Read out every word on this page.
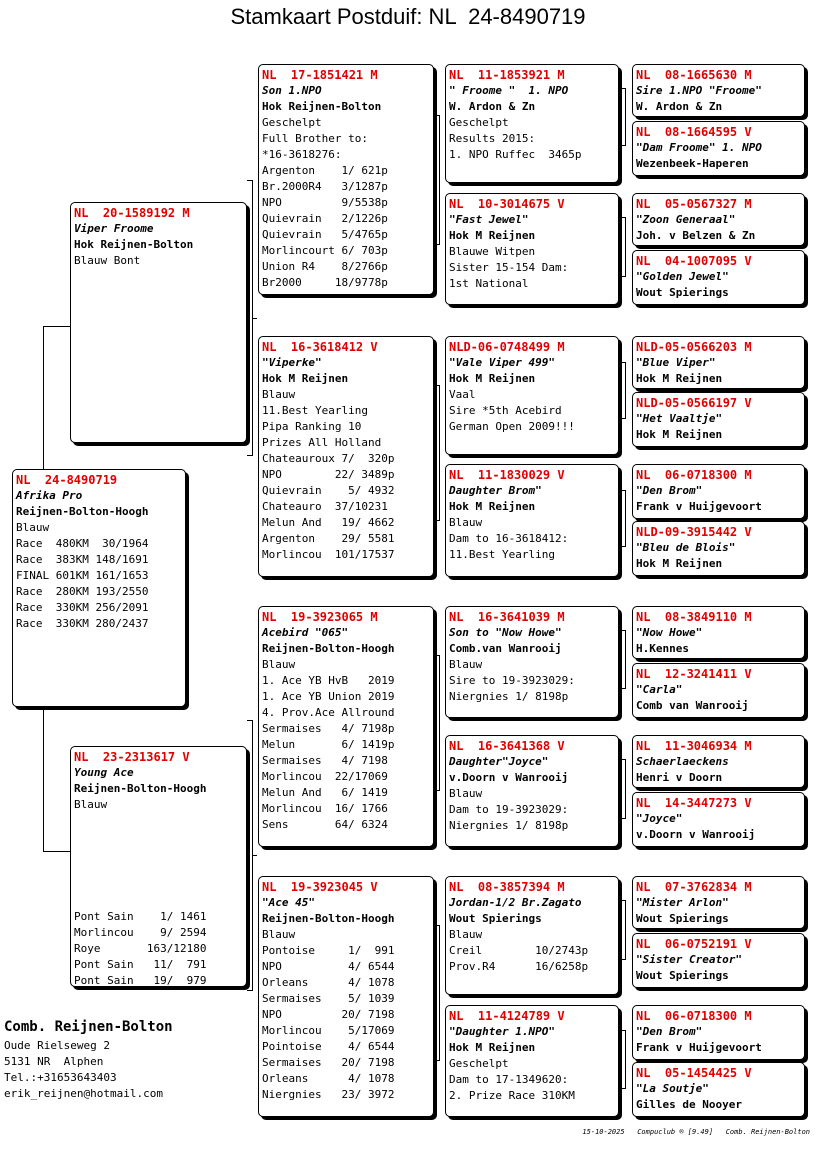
Stamkaart Postduif: NL  24-8490719
NL  24-8490719
Afrika Pro
Reijnen-Bolton-Hoogh
Blauw
Race  480KM  30/1964
Race  383KM 148/1691
FINAL 601KM 161/1653
Race  280KM 193/2550
Race  330KM 256/2091
Race  330KM 280/2437
NL  20-1589192 M
Viper Froome
Hok Reijnen-Bolton
Blauw Bont
NL  23-2313617 V
Young Ace
Reijnen-Bolton-Hoogh
Blauw

Pont Sain    1/ 1461
Morlincou    9/ 2594
Roye       163/12180
Pont Sain   11/  791
Pont Sain   19/  979
NL  17-1851421 M
Son 1.NPO
Hok Reijnen-Bolton
Geschelpt
Full Brother to:
*16-3618276:
Argenton    1/ 621p
Br.2000R4   3/1287p
NPO         9/5538p
Quievrain   2/1226p
Quievrain   5/4765p
Morlincourt 6/ 703p
Union R4    8/2766p
Br2000     18/9778p
NL  16-3618412 V
"Viperke"
Hok M Reijnen
Blauw
11.Best Yearling
Pipa Ranking 10
Prizes All Holland
Chateauroux 7/  320p
NPO        22/ 3489p
Quievrain    5/ 4932
Chateauro  37/10231
Melun And   19/ 4662
Argenton    29/ 5581
Morlincou  101/17537
NL  19-3923065 M
Acebird "065"
Reijnen-Bolton-Hoogh
Blauw
1. Ace YB HvB   2019
1. Ace YB Union 2019
4. Prov.Ace Allround
Sermaises   4/ 7198p
Melun       6/ 1419p
Sermaises   4/ 7198
Morlincou  22/17069
Melun And   6/ 1419
Morlincou  16/ 1766
Sens       64/ 6324
NL  19-3923045 V
"Ace 45"
Reijnen-Bolton-Hoogh
Blauw
Pontoise     1/  991
NPO          4/ 6544
Orleans      4/ 1078
Sermaises    5/ 1039
NPO         20/ 7198
Morlincou    5/17069
Pointoise    4/ 6544
Sermaises   20/ 7198
Orleans      4/ 1078
Niergnies   23/ 3972
NL  11-1853921 M
" Froome "  1. NPO
W. Ardon & Zn
Geschelpt
Results 2015:
1. NPO Ruffec  3465p
NL  10-3014675 V
"Fast Jewel"
Hok M Reijnen
Blauwe Witpen
Sister 15-154 Dam:
1st National
NLD-06-0748499 M
"Vale Viper 499"
Hok M Reijnen
Vaal
Sire *5th Acebird
German Open 2009!!!
NL  11-1830029 V
Daughter Brom"
Hok M Reijnen
Blauw
Dam to 16-3618412:
11.Best Yearling
NL  16-3641039 M
Son to "Now Howe"
Comb.van Wanrooij
Blauw
Sire to 19-3923029:
Niergnies 1/ 8198p
NL  16-3641368 V
Daughter"Joyce"
v.Doorn v Wanrooij
Blauw
Dam to 19-3923029:
Niergnies 1/ 8198p
NL  08-3857394 M
Jordan-1/2 Br.Zagato
Wout Spierings
Blauw
Creil        10/2743p
Prov.R4      16/6258p
NL  11-4124789 V
"Daughter 1.NPO"
Hok M Reijnen
Geschelpt
Dam to 17-1349620:
2. Prize Race 310KM
NL  08-1665630 M
Sire 1.NPO "Froome"
W. Ardon & Zn
NL  08-1664595 V
"Dam Froome" 1. NPO
Wezenbeek-Haperen
NL  05-0567327 M
"Zoon Generaal"
Joh. v Belzen & Zn
NL  04-1007095 V
"Golden Jewel"
Wout Spierings
NLD-05-0566203 M
"Blue Viper"
Hok M Reijnen
NLD-05-0566197 V
"Het Vaaltje"
Hok M Reijnen
NL  06-0718300 M
"Den Brom"
Frank v Huijgevoort
NLD-09-3915442 V
"Bleu de Blois"
Hok M Reijnen
NL  08-3849110 M
"Now Howe"
H.Kennes
NL  12-3241411 V
"Carla"
Comb van Wanrooij
NL  11-3046934 M
Schaerlaeckens
Henri v Doorn
NL  14-3447273 V
"Joyce"
v.Doorn v Wanrooij
NL  07-3762834 M
"Mister Arlon"
Wout Spierings
NL  06-0752191 V
"Sister Creator"
Wout Spierings
NL  06-0718300 M
"Den Brom"
Frank v Huijgevoort
NL  05-1454425 V
"La Soutje"
Gilles de Nooyer
Comb. Reijnen-Bolton
Oude Rielseweg 2
5131 NR  Alphen
Tel.:+31653643403
erik_reijnen@hotmail.com
15-10-2025   Compuclub ® [9.49]   Comb. Reijnen-Bolton
